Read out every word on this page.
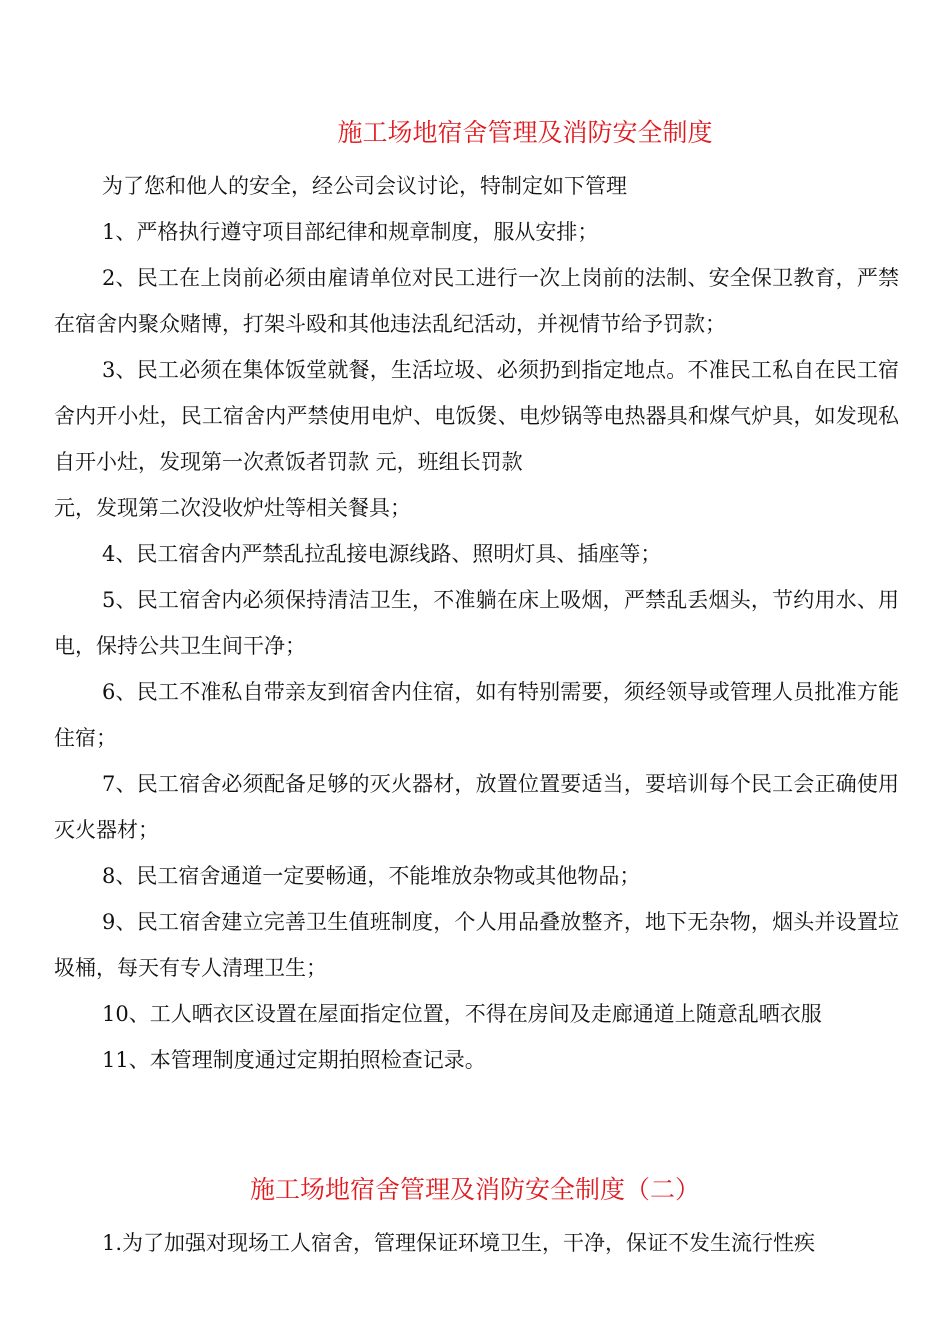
施工场地宿舍管理及消防安全制度

为了您和他人的安全，经公司会议讨论，特制定如下管理

1、严格执行遵守项目部纪律和规章制度，服从安排；

2、民工在上岗前必须由雇请单位对民工进行一次上岗前的法制、安全保卫教育，严禁在宿舍内聚众赌博，打架斗殴和其他违法乱纪活动，并视情节给予罚款；

3、民工必须在集体饭堂就餐，生活垃圾、必须扔到指定地点。不准民工私自在民工宿舍内开小灶，民工宿舍内严禁使用电炉、电饭煲、电炒锅等电热器具和煤气炉具，如发现私自开小灶，发现第一次煮饭者罚款 元，班组长罚款

元，发现第二次没收炉灶等相关餐具；

4、民工宿舍内严禁乱拉乱接电源线路、照明灯具、插座等；

5、民工宿舍内必须保持清洁卫生，不准躺在床上吸烟，严禁乱丢烟头，节约用水、用电，保持公共卫生间干净；

6、民工不准私自带亲友到宿舍内住宿，如有特别需要，须经领导或管理人员批准方能住宿；

7、民工宿舍必须配备足够的灭火器材，放置位置要适当，要培训每个民工会正确使用灭火器材；

8、民工宿舍通道一定要畅通，不能堆放杂物或其他物品；

9、民工宿舍建立完善卫生值班制度，个人用品叠放整齐，地下无杂物，烟头并设置垃圾桶，每天有专人清理卫生；

10、工人晒衣区设置在屋面指定位置，不得在房间及走廊通道上随意乱晒衣服

11、本管理制度通过定期拍照检查记录。

施工场地宿舍管理及消防安全制度（二）

1.为了加强对现场工人宿舍，管理保证环境卫生，干净，保证不发生流行性疾
